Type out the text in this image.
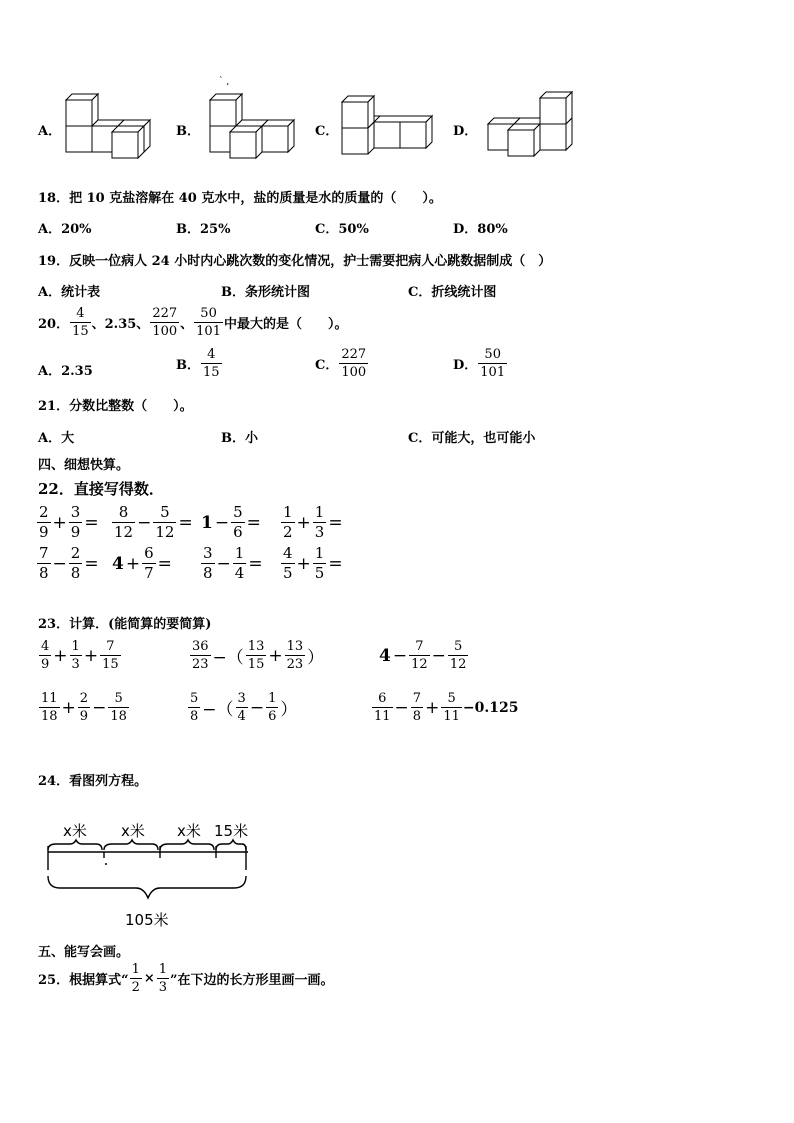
` ,
A．	B．	C．	D．
18．把 10 克盐溶解在 40 克水中，盐的质量是水的质量的（　　）。
A．20%	B．25%	C．50%	D．80%
19．反映一位病人 24 小时内心跳次数的变化情况，护士需要把病人心跳数据制成（　）
A．统计表	B．条形统计图	C．折线统计图
20． $\frac{4}{15}$ 、2.35、 $\frac{227}{100}$ 、 $\frac{50}{101}$ 中最大的是（　　）。
A．2.35	B． $\frac{4}{15}$	C． $\frac{227}{100}$	D． $\frac{50}{101}$
21．分数比整数（　　）。
A．大	B．小	C．可能大，也可能小
四、细想快算。
22．直接写得数．
$\frac{2}{9} + \frac{3}{9} = \frac{8}{12} - \frac{5}{12} = 1 - \frac{5}{6} = \frac{1}{2} + \frac{1}{3}$ =
$\frac{7}{8} - \frac{2}{8} = 4 + \frac{6}{7} = \frac{3}{8} - \frac{1}{4} = \frac{4}{5} + \frac{1}{5}$ =
23．计算．(能简算的要简算)
$\frac{4}{9} + \frac{1}{3} + \frac{7}{15}$	$\frac{36}{23}$ −（ $\frac{13}{15} + \frac{13}{23}$ ）	$4 - \frac{7}{12} - \frac{5}{12}$
$\frac{11}{18} + \frac{2}{9} - \frac{5}{18}$	$\frac{5}{8}$ −（ $\frac{3}{4} - \frac{1}{6}$ ）	$\frac{6}{11} - \frac{7}{8} + \frac{5}{11} -0.125$
24．看图列方程。
x米 x米 x米 15米
105米
五、能写会画。
25．根据算式“ $\frac{1}{2} \times \frac{1}{3}$ ”在下边的长方形里画一画。
